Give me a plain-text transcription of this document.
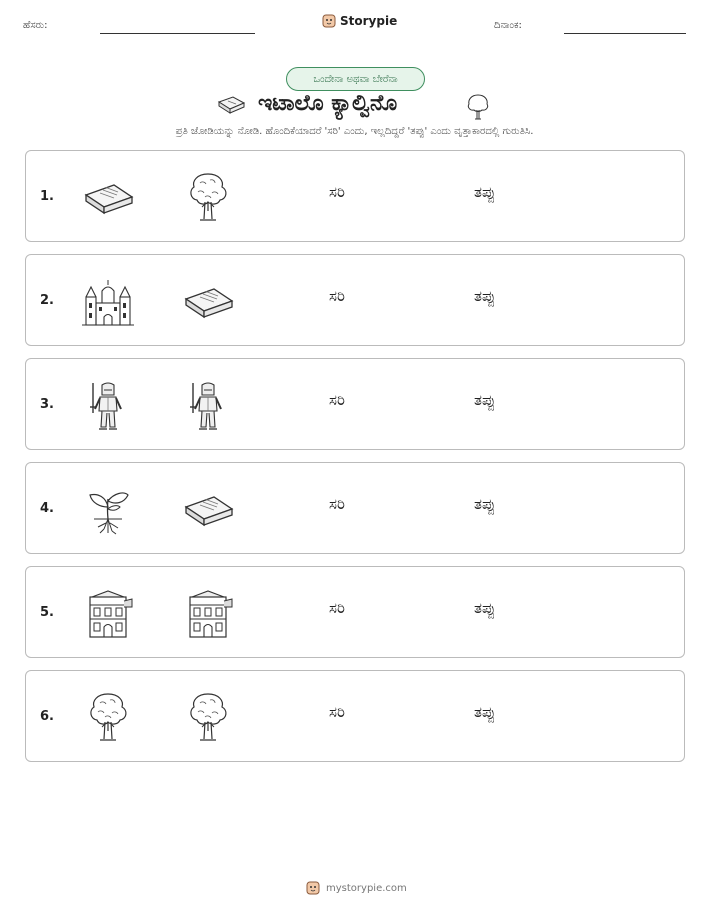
ಹೆಸರು:	Storypie	ದಿನಾಂಕ:
ಒಂದೇನಾ ಅಥವಾ ಬೇರೆನಾ
ಇಟಾಲೊ ಕ್ಯಾಲ್ವಿನೊ
ಪ್ರತಿ ಜೋಡಿಯನ್ನು ನೋಡಿ. ಹೊಂದಿಕೆಯಾದರೆ 'ಸರಿ' ಎಂದು, ಇಲ್ಲದಿದ್ದರೆ 'ತಪ್ಪು' ಎಂದು ವೃತ್ತಾಕಾರದಲ್ಲಿ ಗುರುತಿಸಿ.
1.	ಸರಿ	ತಪ್ಪು
2.	ಸರಿ	ತಪ್ಪು
3.	ಸರಿ	ತಪ್ಪು
4.	ಸರಿ	ತಪ್ಪು
5.	ಸರಿ	ತಪ್ಪು
6.	ಸರಿ	ತಪ್ಪು
mystorypie.com
